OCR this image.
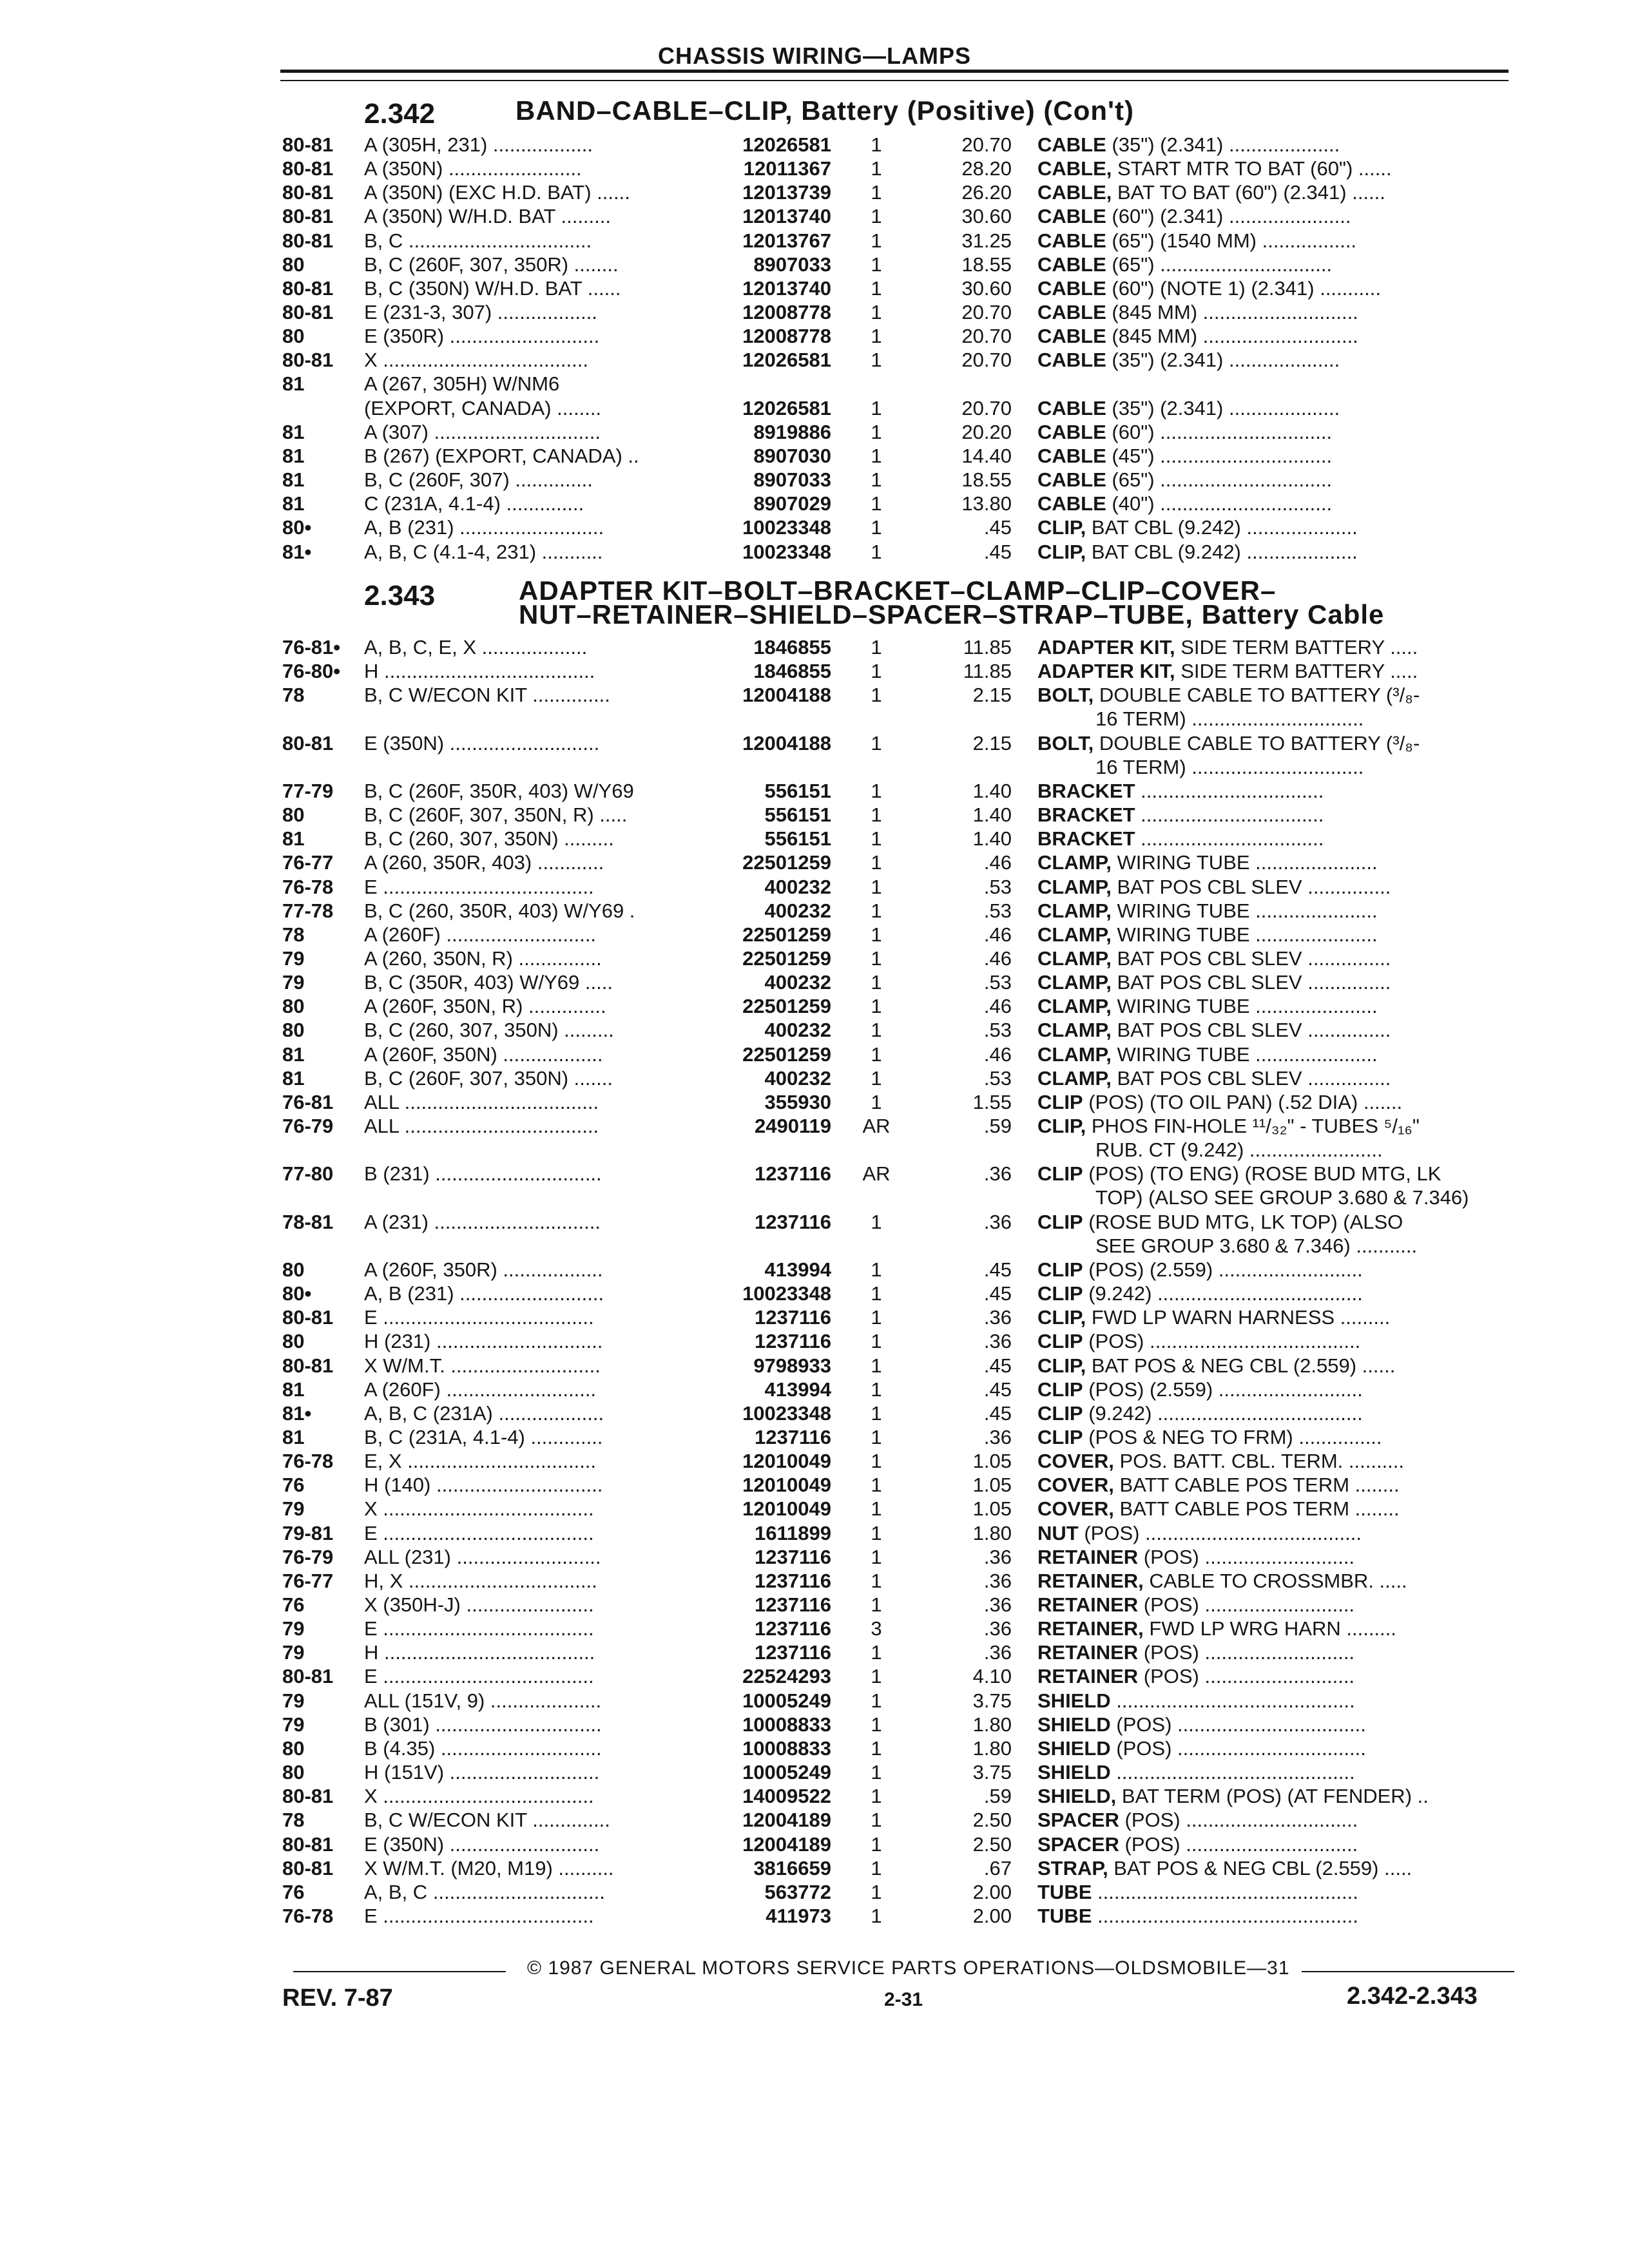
CHASSIS WIRING—LAMPS
2.342	BAND–CABLE–CLIP, Battery (Positive) (Con't)
80-81 A (305H, 231) ..................	12026581	1	20.70 CABLE (35") (2.341) ....................
80-81 A (350N) ........................	12011367	1	28.20 CABLE, START MTR TO BAT (60") ......
80-81 A (350N) (EXC H.D. BAT) ......	12013739	1	26.20 CABLE, BAT TO BAT (60") (2.341) ......
80-81 A (350N) W/H.D. BAT .........	12013740	1	30.60 CABLE (60") (2.341) ......................
80-81 B, C .................................	12013767	1	31.25 CABLE (65") (1540 MM) .................
80	B, C (260F, 307, 350R) ........	8907033	1	18.55 CABLE (65") ...............................
80-81 B, C (350N) W/H.D. BAT ......	12013740	1	30.60 CABLE (60") (NOTE 1) (2.341) ...........
80-81 E (231-3, 307) ..................	12008778	1	20.70 CABLE (845 MM) ............................
80	E (350R) ...........................	12008778	1	20.70 CABLE (845 MM) ............................
80-81 X .....................................	12026581	1	20.70 CABLE (35") (2.341) ....................
81	A (267, 305H) W/NM6
(EXPORT, CANADA) ........	12026581	1	20.70 CABLE (35") (2.341) ....................
81	A (307) ..............................	8919886	1	20.20 CABLE (60") ...............................
81	B (267) (EXPORT, CANADA) ..	8907030	1	14.40 CABLE (45") ...............................
81	B, C (260F, 307) ..............	8907033	1	18.55 CABLE (65") ...............................
81	C (231A, 4.1-4) ..............	8907029	1	13.80 CABLE (40") ...............................
80•	A, B (231) ..........................	10023348	1	.45 CLIP, BAT CBL (9.242) ....................
81•	A, B, C (4.1-4, 231) ...........	10023348	1	.45 CLIP, BAT CBL (9.242) ....................
2.343	ADAPTER KIT–BOLT–BRACKET–CLAMP–CLIP–COVER–
NUT–RETAINER–SHIELD–SPACER–STRAP–TUBE, Battery Cable
76-81• A, B, C, E, X ...................	1846855	1	11.85 ADAPTER KIT, SIDE TERM BATTERY .....
76-80• H ......................................	1846855	1	11.85 ADAPTER KIT, SIDE TERM BATTERY .....
78	B, C W/ECON KIT ..............	12004188	1	2.15 BOLT, DOUBLE CABLE TO BATTERY (³/₈-
16 TERM) ...............................
80-81 E (350N) ...........................	12004188	1	2.15 BOLT, DOUBLE CABLE TO BATTERY (³/₈-
16 TERM) ...............................
77-79 B, C (260F, 350R, 403) W/Y69	556151	1	1.40 BRACKET .................................
80	B, C (260F, 307, 350N, R) .....	556151	1	1.40 BRACKET .................................
81	B, C (260, 307, 350N) .........	556151	1	1.40 BRACKET .................................
76-77 A (260, 350R, 403) ............	22501259	1	.46 CLAMP, WIRING TUBE ......................
76-78 E ......................................	400232	1	.53 CLAMP, BAT POS CBL SLEV ...............
77-78 B, C (260, 350R, 403) W/Y69 .	400232	1	.53 CLAMP, WIRING TUBE ......................
78	A (260F) ...........................	22501259	1	.46 CLAMP, WIRING TUBE ......................
79	A (260, 350N, R) ...............	22501259	1	.46 CLAMP, BAT POS CBL SLEV ...............
79	B, C (350R, 403) W/Y69 .....	400232	1	.53 CLAMP, BAT POS CBL SLEV ...............
80	A (260F, 350N, R) ..............	22501259	1	.46 CLAMP, WIRING TUBE ......................
80	B, C (260, 307, 350N) .........	400232	1	.53 CLAMP, BAT POS CBL SLEV ...............
81	A (260F, 350N) ..................	22501259	1	.46 CLAMP, WIRING TUBE ......................
81	B, C (260F, 307, 350N) .......	400232	1	.53 CLAMP, BAT POS CBL SLEV ...............
76-81 ALL ...................................	355930	1	1.55 CLIP (POS) (TO OIL PAN) (.52 DIA) .......
76-79 ALL ...................................	2490119 AR	.59 CLIP, PHOS FIN-HOLE ¹¹/₃₂" - TUBES ⁵/₁₆"
RUB. CT (9.242) ........................
77-80 B (231) ..............................	1237116 AR	.36 CLIP (POS) (TO ENG) (ROSE BUD MTG, LK
TOP) (ALSO SEE GROUP 3.680 & 7.346)
78-81 A (231) ..............................	1237116	1	.36 CLIP (ROSE BUD MTG, LK TOP) (ALSO
SEE GROUP 3.680 & 7.346) ...........
80	A (260F, 350R) ..................	413994	1	.45 CLIP (POS) (2.559) ..........................
80•	A, B (231) ..........................	10023348	1	.45 CLIP (9.242) .....................................
80-81 E ......................................	1237116	1	.36 CLIP, FWD LP WARN HARNESS .........
80	H (231) ..............................	1237116	1	.36 CLIP (POS) ......................................
80-81 X W/M.T. ...........................	9798933	1	.45 CLIP, BAT POS & NEG CBL (2.559) ......
81	A (260F) ...........................	413994	1	.45 CLIP (POS) (2.559) ..........................
81•	A, B, C (231A) ...................	10023348	1	.45 CLIP (9.242) .....................................
81	B, C (231A, 4.1-4) .............	1237116	1	.36 CLIP (POS & NEG TO FRM) ...............
76-78 E, X ..................................	12010049	1	1.05 COVER, POS. BATT. CBL. TERM. ..........
76	H (140) ..............................	12010049	1	1.05 COVER, BATT CABLE POS TERM ........
79	X ......................................	12010049	1	1.05 COVER, BATT CABLE POS TERM ........
79-81 E ......................................	1611899	1	1.80 NUT (POS) .......................................
76-79 ALL (231) ..........................	1237116	1	.36 RETAINER (POS) ...........................
76-77 H, X ..................................	1237116	1	.36 RETAINER, CABLE TO CROSSMBR. .....
76	X (350H-J) .......................	1237116	1	.36 RETAINER (POS) ...........................
79	E ......................................	1237116	3	.36 RETAINER, FWD LP WRG HARN .........
79	H ......................................	1237116	1	.36 RETAINER (POS) ...........................
80-81 E ......................................	22524293	1	4.10 RETAINER (POS) ...........................
79	ALL (151V, 9) ....................	10005249	1	3.75 SHIELD ...........................................
79	B (301) ..............................	10008833	1	1.80 SHIELD (POS) ..................................
80	B (4.35) .............................	10008833	1	1.80 SHIELD (POS) ..................................
80	H (151V) ...........................	10005249	1	3.75 SHIELD ...........................................
80-81 X ......................................	14009522	1	.59 SHIELD, BAT TERM (POS) (AT FENDER) ..
78	B, C W/ECON KIT ..............	12004189	1	2.50 SPACER (POS) ...............................
80-81 E (350N) ...........................	12004189	1	2.50 SPACER (POS) ...............................
80-81 X W/M.T. (M20, M19) ..........	3816659	1	.67 STRAP, BAT POS & NEG CBL (2.559) .....
76	A, B, C ...............................	563772	1	2.00 TUBE ...............................................
76-78 E ......................................	411973	1	2.00 TUBE ...............................................
© 1987 GENERAL MOTORS SERVICE PARTS OPERATIONS—OLDSMOBILE—31
REV. 7-87	2-31	2.342-2.343
